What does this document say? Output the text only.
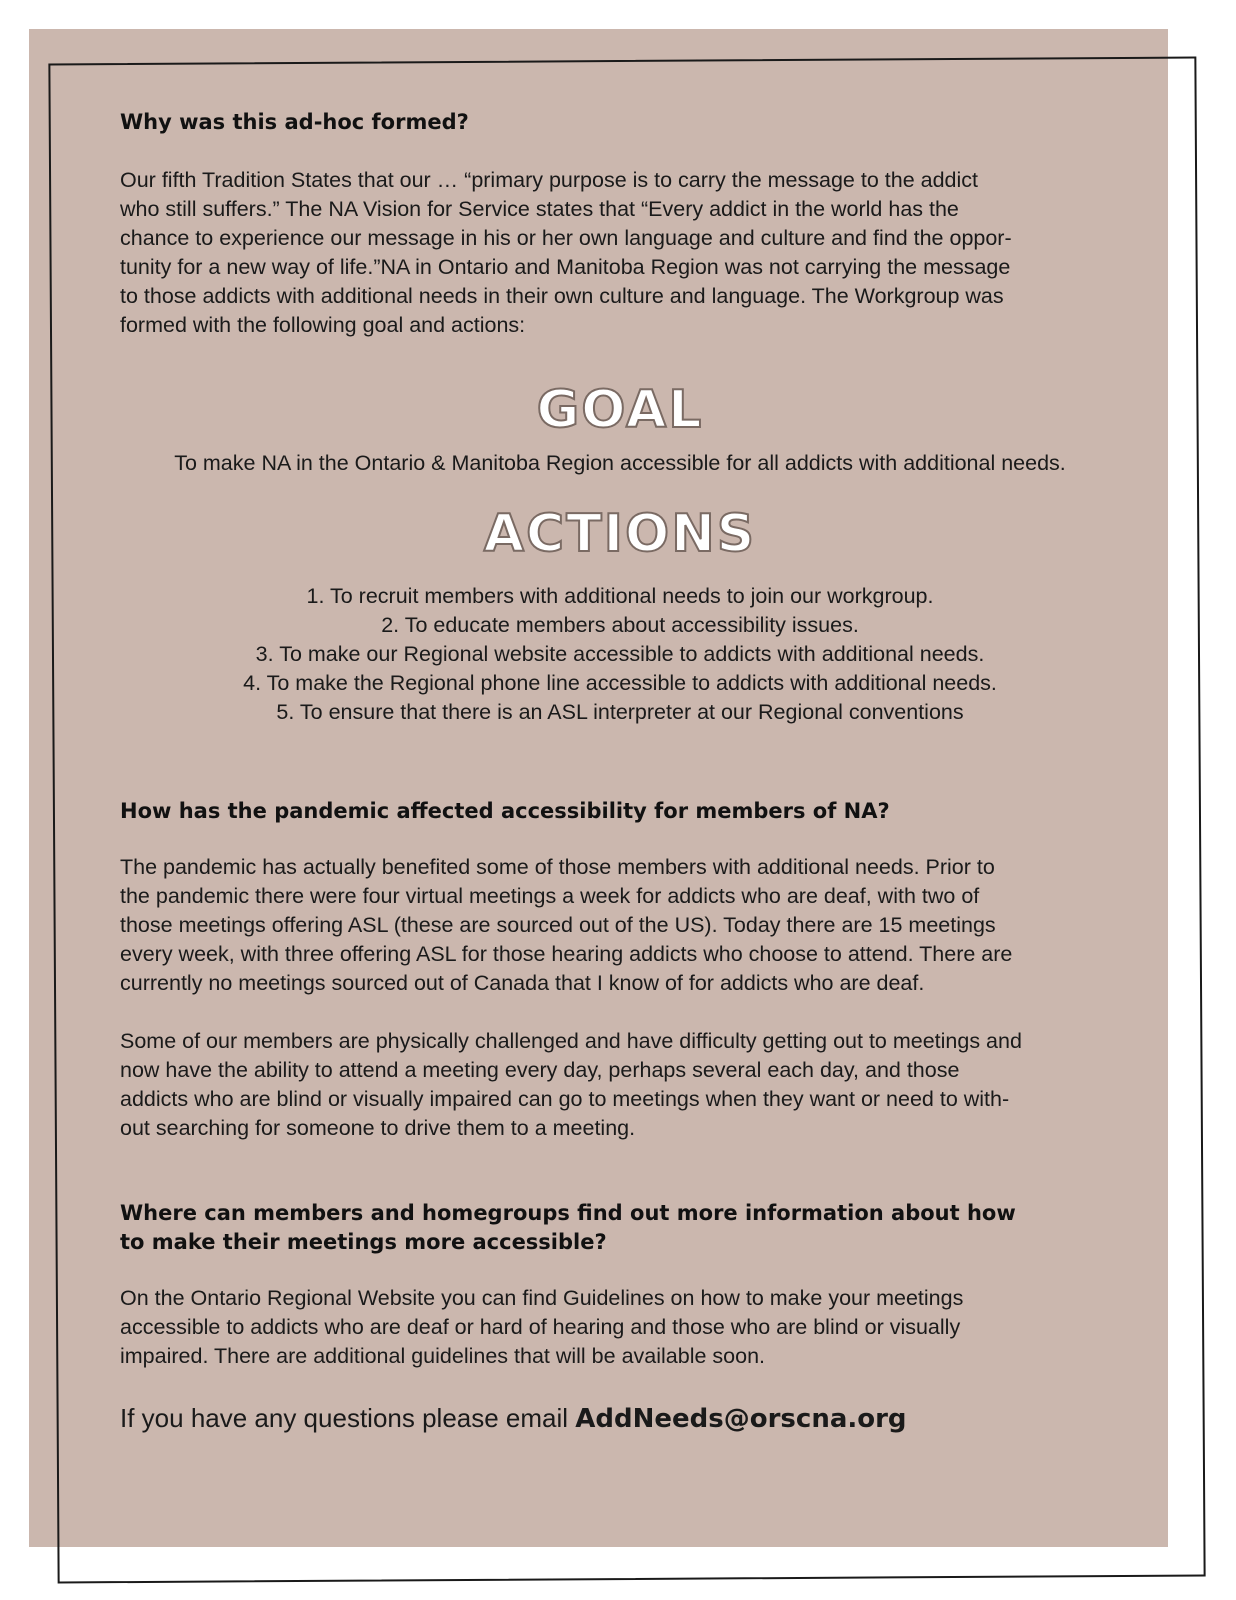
Why was this ad-hoc formed?

Our fifth Tradition States that our … “primary purpose is to carry the message to the addict

who still suffers.” The NA Vision for Service states that “Every addict in the world has the

chance to experience our message in his or her own language and culture and find the oppor-

tunity for a new way of life.”NA in Ontario and Manitoba Region was not carrying the message

to those addicts with additional needs in their own culture and language. The Workgroup was

formed with the following goal and actions:

GOAL

To make NA in the Ontario & Manitoba Region accessible for all addicts with additional needs.

ACTIONS
1. To recruit members with additional needs to join our workgroup.
2. To educate members about accessibility issues.
3. To make our Regional website accessible to addicts with additional needs.
4. To make the Regional phone line accessible to addicts with additional needs.
5. To ensure that there is an ASL interpreter at our Regional conventions
How has the pandemic affected accessibility for members of NA?

The pandemic has actually benefited some of those members with additional needs. Prior to

the pandemic there were four virtual meetings a week for addicts who are deaf, with two of

those meetings offering ASL (these are sourced out of the US). Today there are 15 meetings

every week, with three offering ASL for those hearing addicts who choose to attend. There are

currently no meetings sourced out of Canada that I know of for addicts who are deaf.

Some of our members are physically challenged and have difficulty getting out to meetings and

now have the ability to attend a meeting every day, perhaps several each day, and those

addicts who are blind or visually impaired can go to meetings when they want or need to with-

out searching for someone to drive them to a meeting.

Where can members and homegroups find out more information about how
to make their meetings more accessible?

On the Ontario Regional Website you can find Guidelines on how to make your meetings

accessible to addicts who are deaf or hard of hearing and those who are blind or visually

impaired. There are additional guidelines that will be available soon.

If you have any questions please email AddNeeds@orscna.org
